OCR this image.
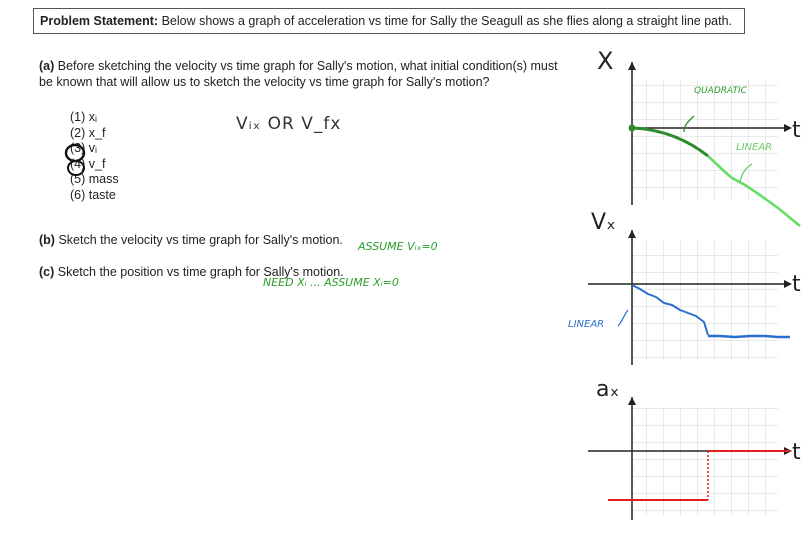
Problem Statement: Below shows a graph of acceleration vs time for Sally the Seagull as she flies along a straight line path.
(a) Before sketching the velocity vs time graph for Sally's motion, what initial condition(s) must
be known that will allow us to sketch the velocity vs time graph for Sally's motion?
(1) xᵢ
(2) x_f
(3) vᵢ
(4) v_f
(5) mass
(6) taste
(b) Sketch the velocity vs time graph for Sally's motion.
(c) Sketch the position vs time graph for Sally's motion.
Vᵢₓ OR V_fx
ASSUME Vᵢₓ=0
NEED Xᵢ ... ASSUME Xᵢ=0
LINEAR
X
Vₓ
aₓ
t
t
t
